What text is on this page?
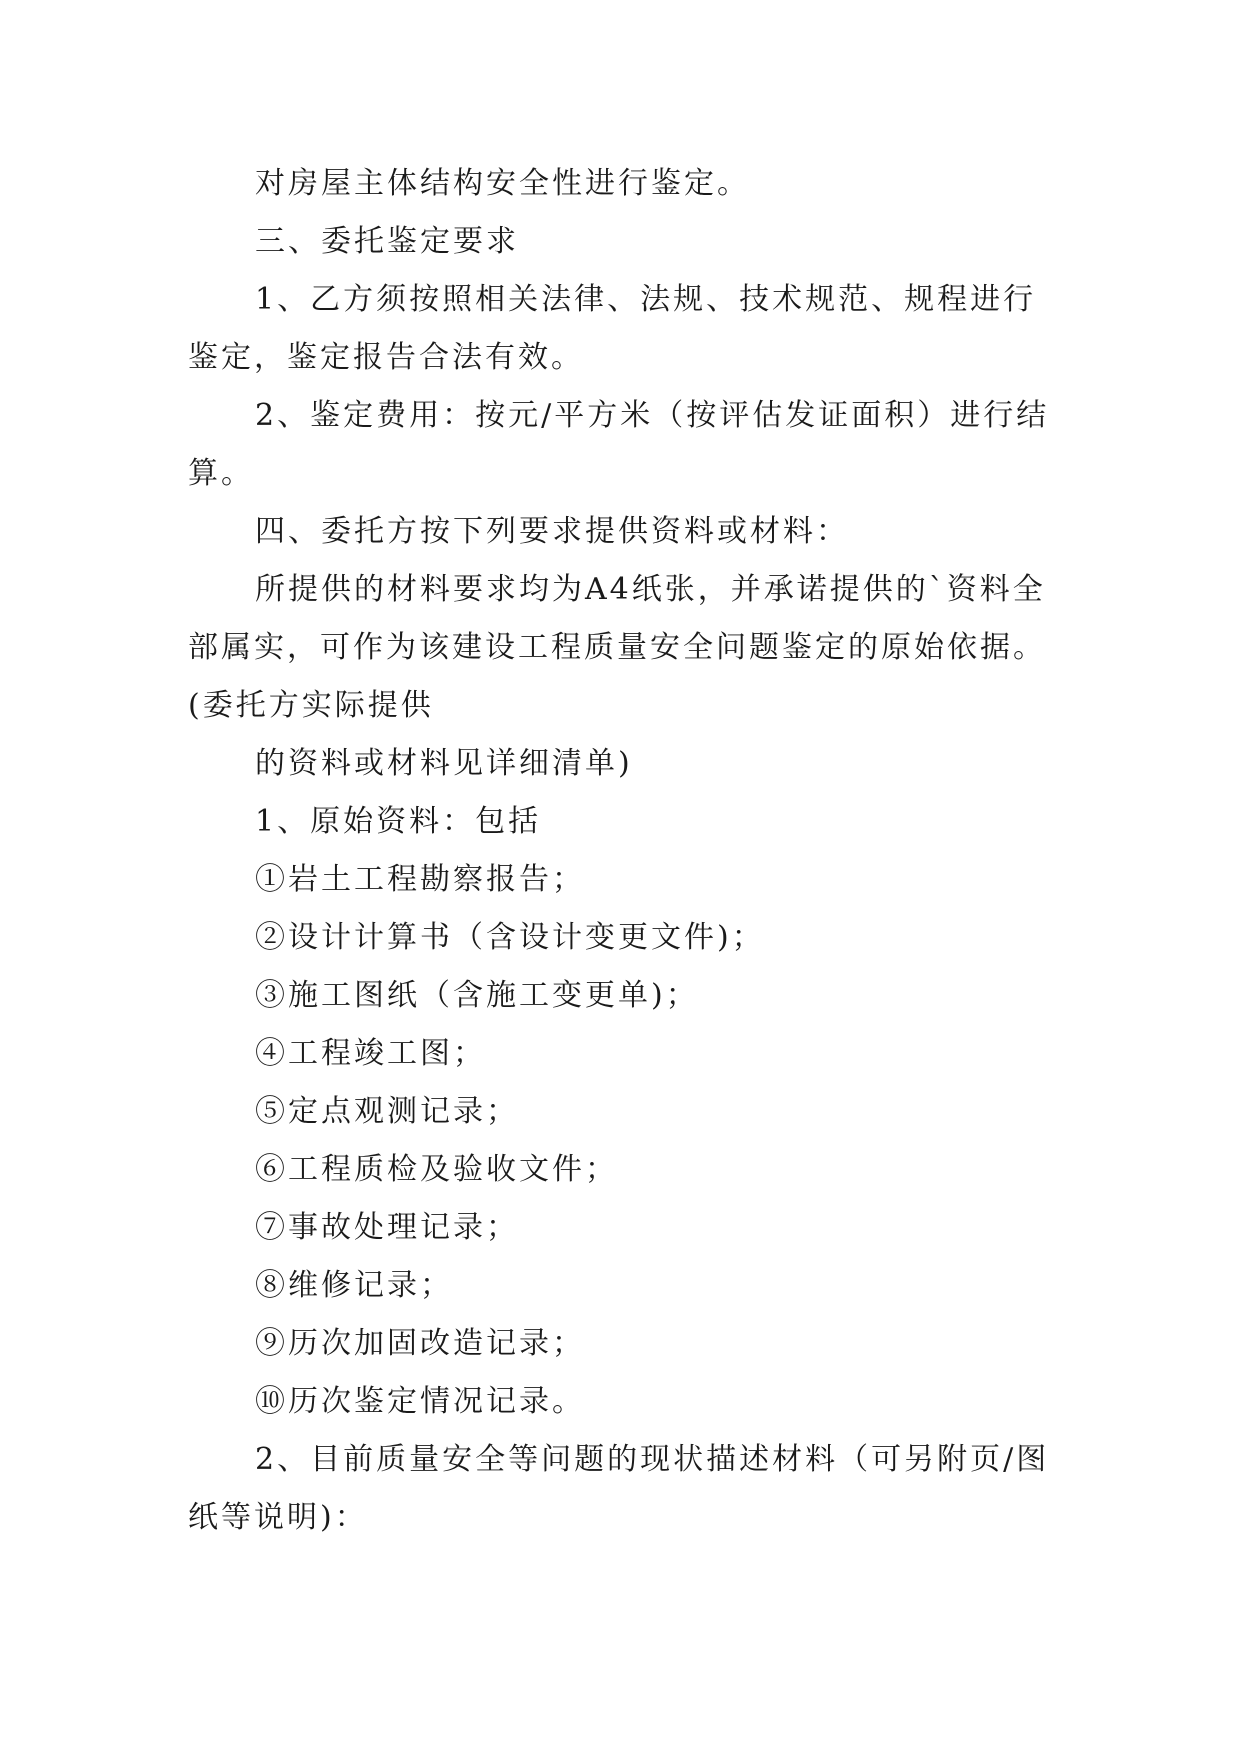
对房屋主体结构安全性进行鉴定。
三、委托鉴定要求
1、乙方须按照相关法律、法规、技术规范、规程进行
鉴定，鉴定报告合法有效。
2、鉴定费用：按元/平方米（按评估发证面积）进行结
算。
四、委托方按下列要求提供资料或材料：
所提供的材料要求均为A4纸张，并承诺提供的`资料全
部属实，可作为该建设工程质量安全问题鉴定的原始依据。
(委托方实际提供
的资料或材料见详细清单)
1、原始资料：包括
①岩土工程勘察报告；
②设计计算书（含设计变更文件)；
③施工图纸（含施工变更单)；
④工程竣工图；
⑤定点观测记录；
⑥工程质检及验收文件；
⑦事故处理记录；
⑧维修记录；
⑨历次加固改造记录；
⑩历次鉴定情况记录。
2、目前质量安全等问题的现状描述材料（可另附页/图
纸等说明)：
